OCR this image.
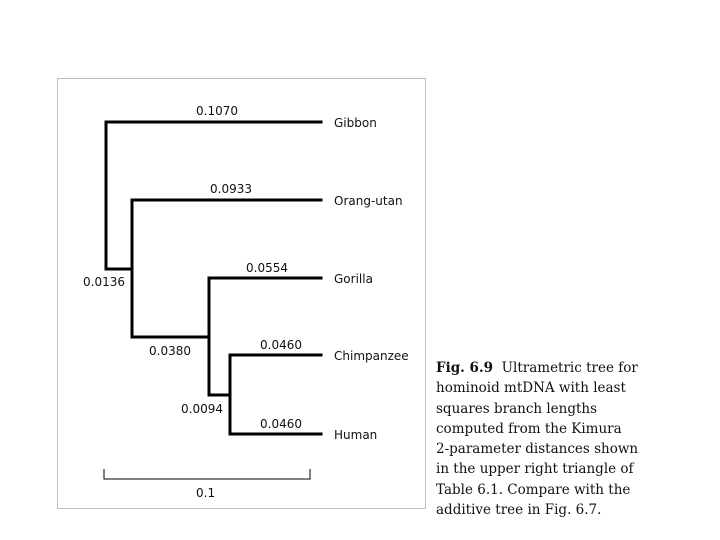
0.1070
0.0933
0.0554
0.0460
0.0460
0.0136
0.0380
0.0094
Gibbon
Orang-utan
Gorilla
Chimpanzee
Human
0.1
Fig. 6.9 Ultrametric tree for
hominoid mtDNA with least
squares branch lengths
computed from the Kimura
2-parameter distances shown
in the upper right triangle of
Table 6.1. Compare with the
additive tree in Fig. 6.7.
